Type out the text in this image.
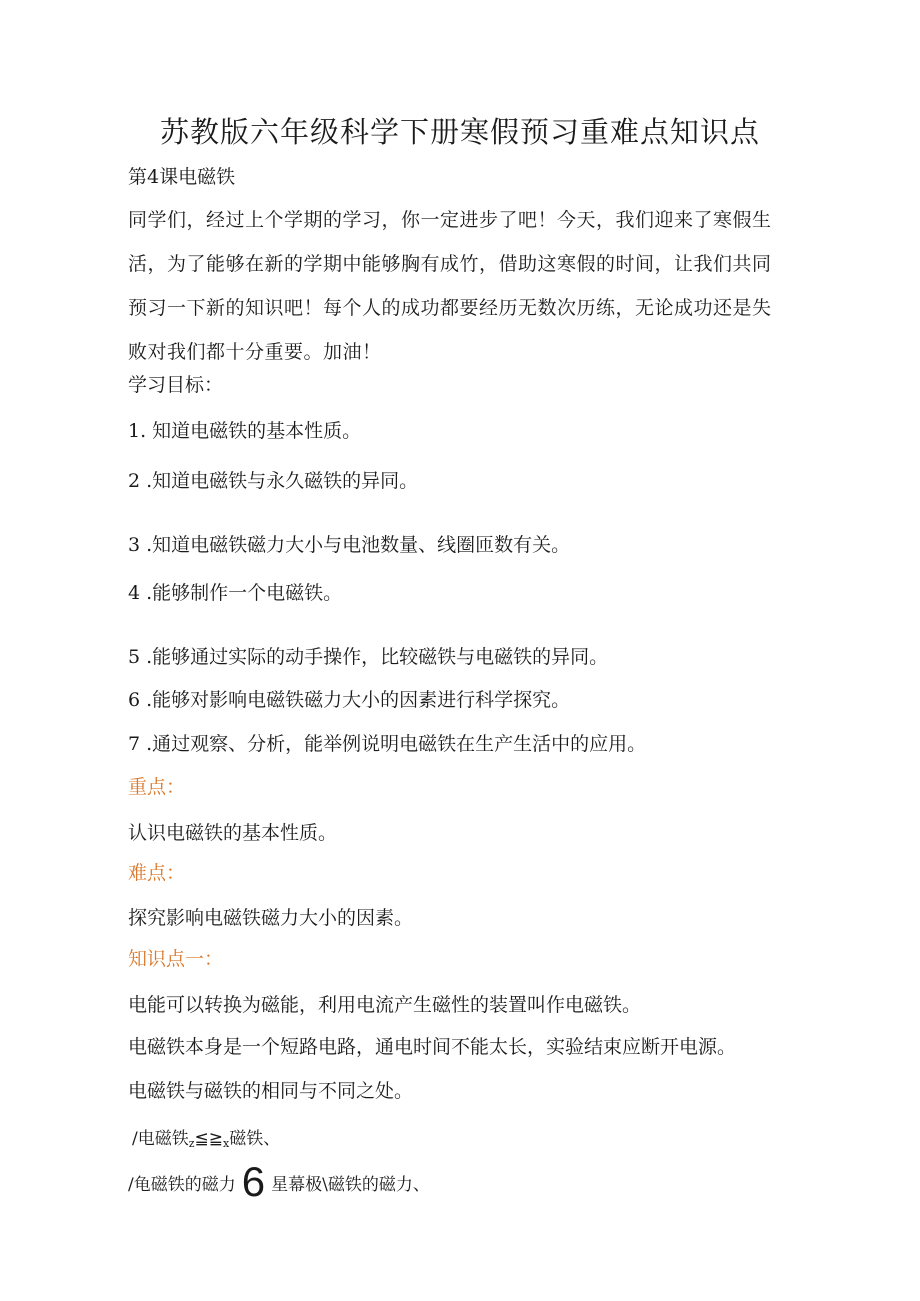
苏教版六年级科学下册寒假预习重难点知识点
第4课电磁铁
同学们，经过上个学期的学习，你一定进步了吧！今天，我们迎来了寒假生
活，为了能够在新的学期中能够胸有成竹，借助这寒假的时间，让我们共同
预习一下新的知识吧！每个人的成功都要经历无数次历练，无论成功还是失
败对我们都十分重要。加油！
学习目标：
1. 知道电磁铁的基本性质。
2 .知道电磁铁与永久磁铁的异同。
3 .知道电磁铁磁力大小与电池数量、线圈匝数有关。
4 .能够制作一个电磁铁。
5 .能够通过实际的动手操作，比较磁铁与电磁铁的异同。
6 .能够对影响电磁铁磁力大小的因素进行科学探究。
7 .通过观察、分析，能举例说明电磁铁在生产生活中的应用。
重点：
认识电磁铁的基本性质。
难点：
探究影响电磁铁磁力大小的因素。
知识点一：
电能可以转换为磁能，利用电流产生磁性的装置叫作电磁铁。
电磁铁本身是一个短路电路，通电时间不能太长，实验结束应断开电源。
电磁铁与磁铁的相同与不同之处。
/电磁铁$_z≦≧_x$磁铁、
/龟磁铁的磁力 6 星幕极\磁铁的磁力、
